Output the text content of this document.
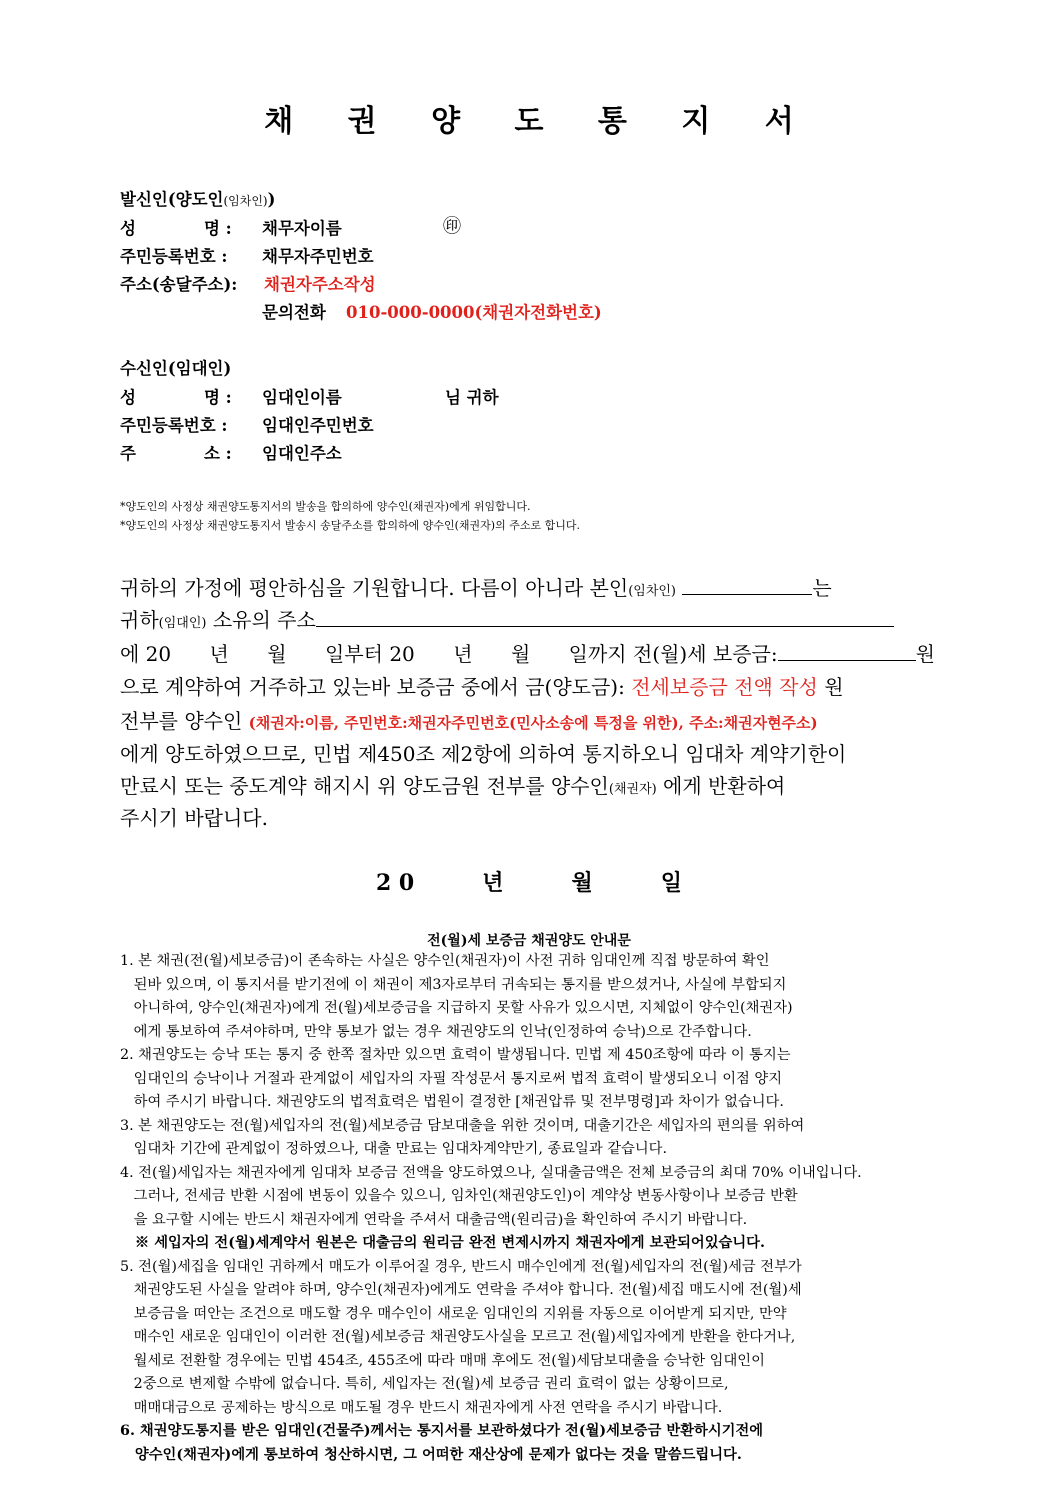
채 권 양 도 통 지 서
발신인(양도인(임차인))
성	명 : 채무자이름	㊞
주민등록번호 : 채무자주민번호
주소(송달주소): 채권자주소작성
문의전화 010-000-0000(채권자전화번호)
수신인(임대인)
성	명 : 임대인이름	님 귀하
주민등록번호 : 임대인주민번호
주	소 : 임대인주소
*양도인의 사정상 채권양도통지서의 발송을 합의하에 양수인(채권자)에게 위임합니다.
*양도인의 사정상 채권양도통지서 발송시 송달주소를 합의하에 양수인(채권자)의 주소로 합니다.
귀하의 가정에 평안하심을 기원합니다. 다름이 아니라 본인(임차인)	는
귀하(임대인) 소유의 주소
에 20 년 월 일부터 20 년 월 일까지 전(월)세 보증금:	원
으로 계약하여 거주하고 있는바 보증금 중에서 금(양도금): 전세보증금 전액 작성 원
전부를 양수인 (채권자:이름, 주민번호:채권자주민번호(민사소송에 특정을 위한), 주소:채권자현주소)
에게 양도하였으므로, 민법 제450조 제2항에 의하여 통지하오니 임대차 계약기한이
만료시 또는 중도계약 해지시 위 양도금원 전부를 양수인(채권자) 에게 반환하여
주시기 바랍니다.
2 0	년	월	일
전(월)세 보증금 채권양도 안내문
1. 본 채권(전(월)세보증금)이 존속하는 사실은 양수인(채권자)이 사전 귀하 임대인께 직접 방문하여 확인
된바 있으며, 이 통지서를 받기전에 이 채권이 제3자로부터 귀속되는 통지를 받으셨거나, 사실에 부합되지
아니하여, 양수인(채권자)에게 전(월)세보증금을 지급하지 못할 사유가 있으시면, 지체없이 양수인(채권자)
에게 통보하여 주셔야하며, 만약 통보가 없는 경우 채권양도의 인낙(인정하여 승낙)으로 간주합니다.
2. 채권양도는 승낙 또는 통지 중 한쪽 절차만 있으면 효력이 발생됩니다. 민법 제 450조항에 따라 이 통지는
임대인의 승낙이나 거절과 관계없이 세입자의 자필 작성문서 통지로써 법적 효력이 발생되오니 이점 양지
하여 주시기 바랍니다. 채권양도의 법적효력은 법원이 결정한 [채권압류 및 전부명령]과 차이가 없습니다.
3. 본 채권양도는 전(월)세입자의 전(월)세보증금 담보대출을 위한 것이며, 대출기간은 세입자의 편의를 위하여
임대차 기간에 관계없이 정하였으나, 대출 만료는 임대차계약만기, 종료일과 같습니다.
4. 전(월)세입자는 채권자에게 임대차 보증금 전액을 양도하였으나, 실대출금액은 전체 보증금의 최대 70% 이내입니다.
그러나, 전세금 반환 시점에 변동이 있을수 있으니, 임차인(채권양도인)이 계약상 변동사항이나 보증금 반환
을 요구할 시에는 반드시 채권자에게 연락을 주셔서 대출금액(원리금)을 확인하여 주시기 바랍니다.
※ 세입자의 전(월)세계약서 원본은 대출금의 원리금 완전 변제시까지 채권자에게 보관되어있습니다.
5. 전(월)세집을 임대인 귀하께서 매도가 이루어질 경우, 반드시 매수인에게 전(월)세입자의 전(월)세금 전부가
채권양도된 사실을 알려야 하며, 양수인(채권자)에게도 연락을 주셔야 합니다. 전(월)세집 매도시에 전(월)세
보증금을 떠안는 조건으로 매도할 경우 매수인이 새로운 임대인의 지위를 자동으로 이어받게 되지만, 만약
매수인 새로운 임대인이 이러한 전(월)세보증금 채권양도사실을 모르고 전(월)세입자에게 반환을 한다거나,
월세로 전환할 경우에는 민법 454조, 455조에 따라 매매 후에도 전(월)세담보대출을 승낙한 임대인이
2중으로 변제할 수밖에 없습니다. 특히, 세입자는 전(월)세 보증금 권리 효력이 없는 상황이므로,
매매대금으로 공제하는 방식으로 매도될 경우 반드시 채권자에게 사전 연락을 주시기 바랍니다.
6. 채권양도통지를 받은 임대인(건물주)께서는 통지서를 보관하셨다가 전(월)세보증금 반환하시기전에
양수인(채권자)에게 통보하여 청산하시면, 그 어떠한 재산상에 문제가 없다는 것을 말씀드립니다.
